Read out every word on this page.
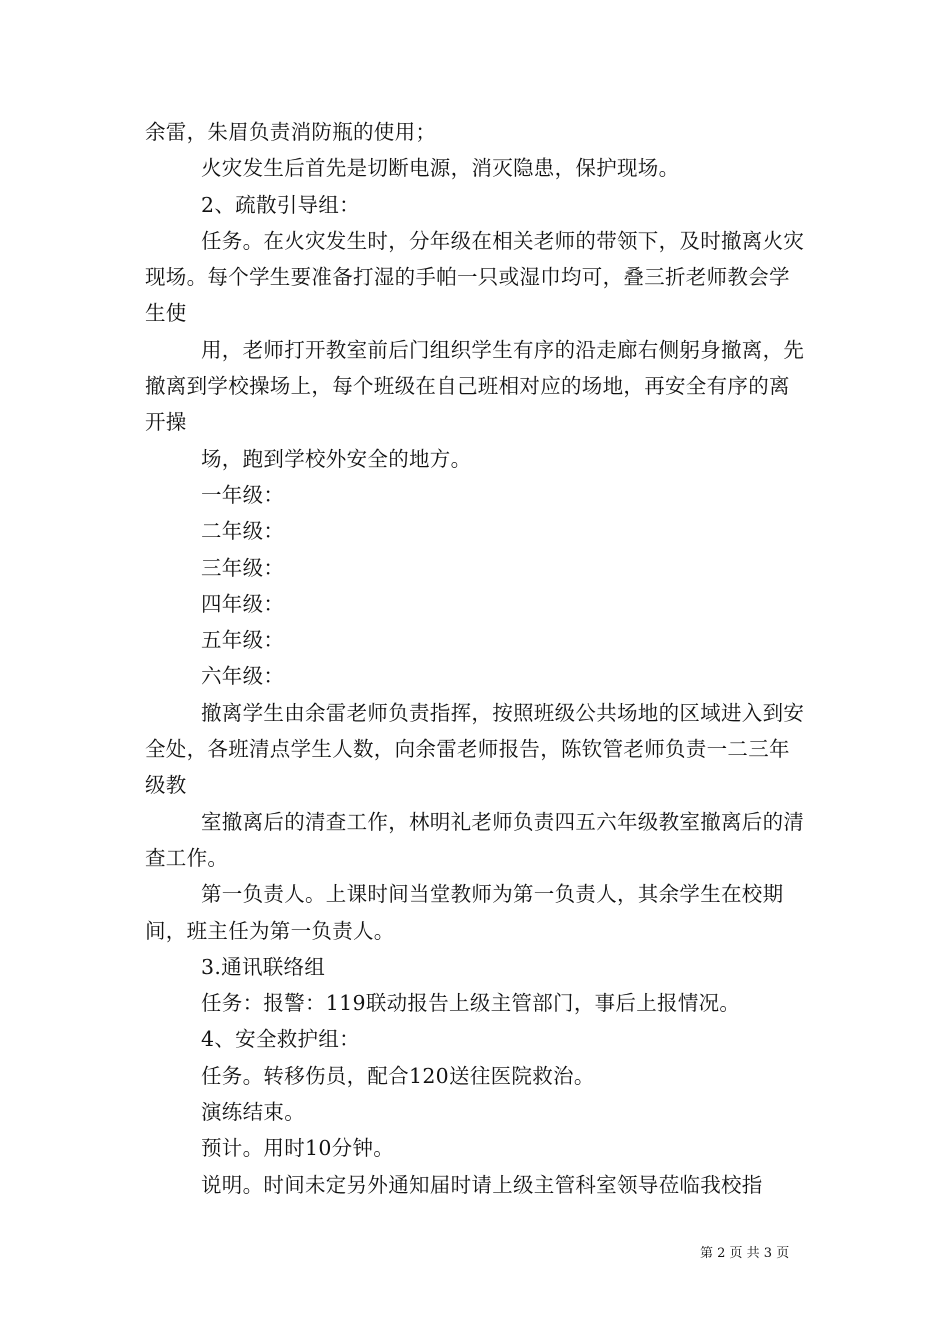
余雷，朱眉负责消防瓶的使用；

火灾发生后首先是切断电源，消灭隐患，保护现场。

2、疏散引导组：

任务。在火灾发生时，分年级在相关老师的带领下，及时撤离火灾现场。每个学生要准备打湿的手帕一只或湿巾均可，叠三折老师教会学生使

用，老师打开教室前后门组织学生有序的沿走廊右侧躬身撤离，先撤离到学校操场上，每个班级在自己班相对应的场地，再安全有序的离开操

场，跑到学校外安全的地方。

一年级：

二年级：

三年级：

四年级：

五年级：

六年级：

撤离学生由余雷老师负责指挥，按照班级公共场地的区域进入到安全处，各班清点学生人数，向余雷老师报告，陈钦管老师负责一二三年级教

室撤离后的清查工作，林明礼老师负责四五六年级教室撤离后的清查工作。

第一负责人。上课时间当堂教师为第一负责人，其余学生在校期间，班主任为第一负责人。

3.通讯联络组

任务：报警：119联动报告上级主管部门，事后上报情况。

4、安全救护组：

任务。转移伤员，配合120送往医院救治。

演练结束。

预计。用时10分钟。

说明。时间未定另外通知届时请上级主管科室领导莅临我校指

第 2 页 共 3 页
